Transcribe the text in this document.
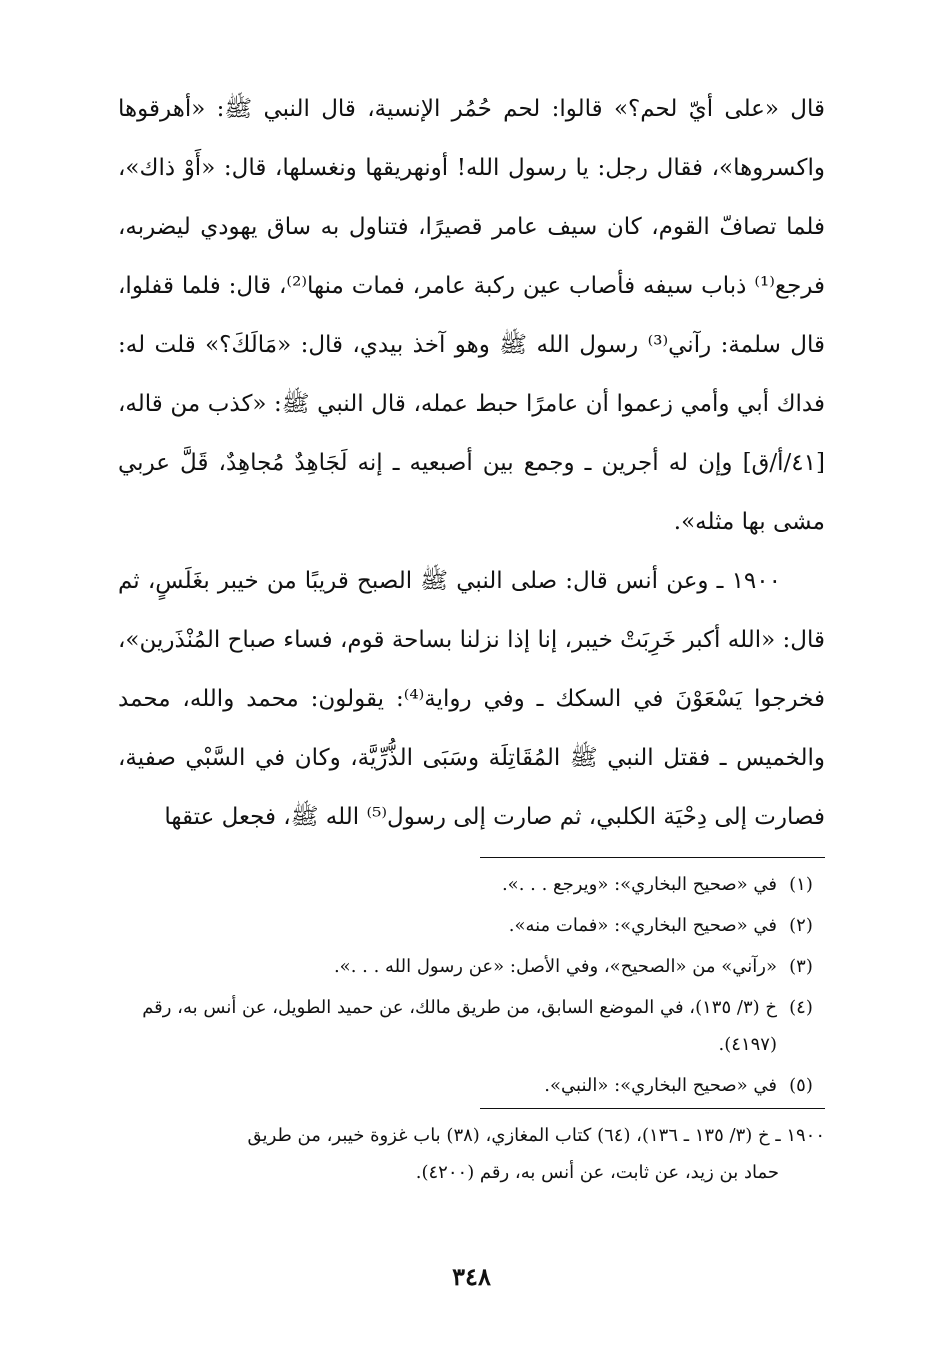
قال «على أيّ لحم؟» قالوا: لحم حُمُر الإنسية، قال النبي ﷺ: «أهرقوها واكسروها»، فقال رجل: يا رسول الله! أونهريقها ونغسلها، قال: «أَوْ ذاك»، فلما تصافّ القوم، كان سيف عامر قصيرًا، فتناول به ساق يهودي ليضربه، فرجع⁽¹⁾ ذباب سيفه فأصاب عين ركبة عامر، فمات منها⁽²⁾، قال: فلما قفلوا، قال سلمة: رآني⁽³⁾ رسول الله ﷺ وهو آخذ بيدي، قال: «مَالَكَ؟» قلت له: فداك أبي وأمي زعموا أن عامرًا حبط عمله، قال النبي ﷺ: «كذب من قاله، [٤١/أ/ق] وإن له أجرين ـ وجمع بين أصبعيه ـ إنه لَجَاهِدٌ مُجاهِدٌ، قَلَّ عربي مشى بها مثله».

١٩٠٠ ـ وعن أنس قال: صلى النبي ﷺ الصبح قريبًا من خيبر بغَلَسٍ، ثم قال: «الله أكبر خَرِبَتْ خيبر، إنا إذا نزلنا بساحة قوم، فساء صباح المُنْذَرين»، فخرجوا يَسْعَوْنَ في السكك ـ وفي رواية⁽⁴⁾: يقولون: محمد والله، محمد والخميس ـ فقتل النبي ﷺ المُقَاتِلَة وسَبَى الذُّرِّيَّة، وكان في السَّبْي صفية، فصارت إلى دِحْيَة الكلبي، ثم صارت إلى رسول⁽⁵⁾ الله ﷺ، فجعل عتقها

(١)
في «صحيح البخاري»: «ويرجع . . .».
(٢)
في «صحيح البخاري»: «فمات منه».
(٣)
«رآني» من «الصحيح»، وفي الأصل: «عن رسول الله . . .».
(٤)
خ (٣/ ١٣٥)، في الموضع السابق، من طريق مالك، عن حميد الطويل، عن أنس به، رقم (٤١٩٧).
(٥)
في «صحيح البخاري»: «النبي».
١٩٠٠ ـ خ (٣/ ١٣٥ ـ ١٣٦)، (٦٤) كتاب المغازي، (٣٨) باب غزوة خيبر، من طريق
حماد بن زيد، عن ثابت، عن أنس به، رقم (٤٢٠٠).
٣٤٨
